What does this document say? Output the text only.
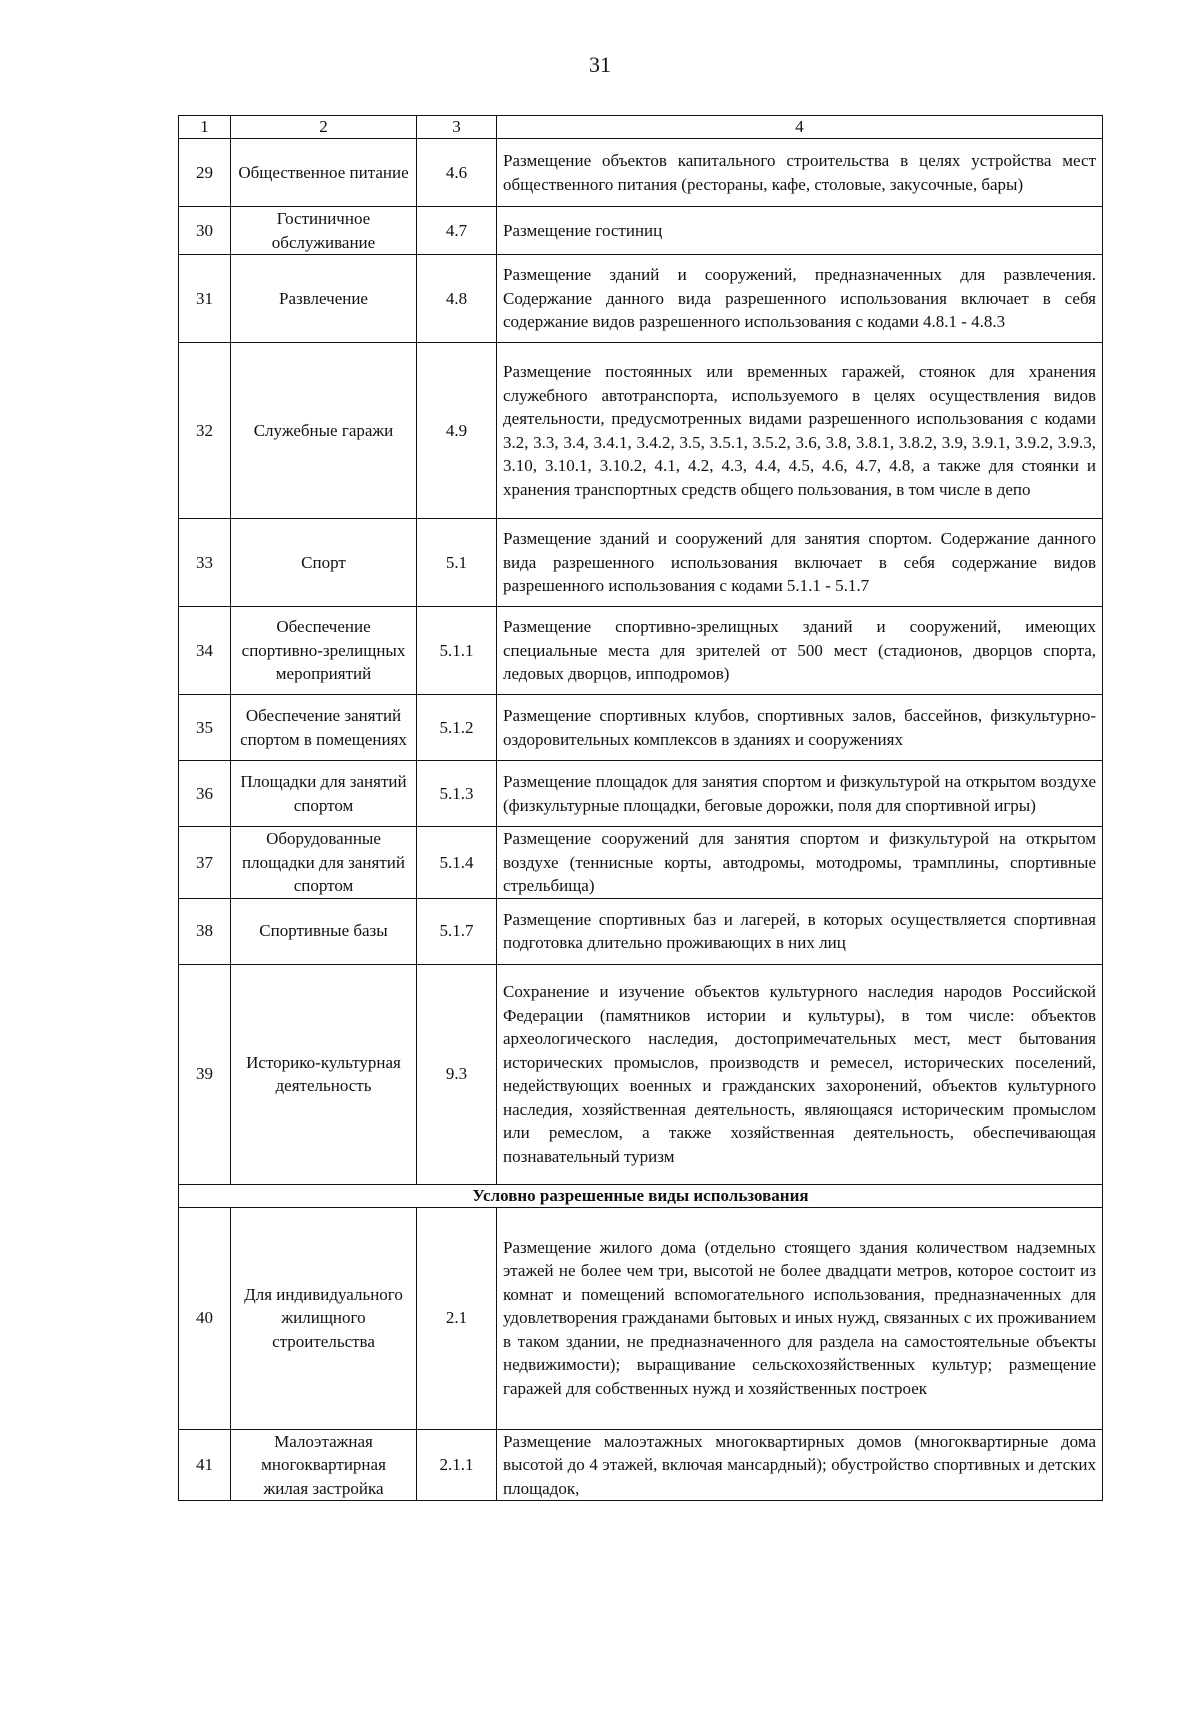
31
1	2	3	4
29	Общественное питание	4.6	Размещение объектов капитального строительства в целях устройства мест общественного питания (рестораны, кафе, столовые, закусочные, бары)
30	Гостиничное обслуживание	4.7	Размещение гостиниц
31	Развлечение	4.8	Размещение зданий и сооружений, предназначенных для развлечения. Содержание данного вида разрешенного использования включает в себя содержание видов разрешенного использования с кодами 4.8.1 - 4.8.3
32	Служебные гаражи	4.9	Размещение постоянных или временных гаражей, стоянок для хранения служебного автотранспорта, используемого в целях осуществления видов деятельности, предусмотренных видами разрешенного использования с кодами 3.2, 3.3, 3.4, 3.4.1, 3.4.2, 3.5, 3.5.1, 3.5.2, 3.6, 3.8, 3.8.1, 3.8.2, 3.9, 3.9.1, 3.9.2, 3.9.3, 3.10, 3.10.1, 3.10.2, 4.1, 4.2, 4.3, 4.4, 4.5, 4.6, 4.7, 4.8, а также для стоянки и хранения транспортных средств общего пользования, в том числе в депо
33	Спорт	5.1	Размещение зданий и сооружений для занятия спортом. Содержание данного вида разрешенного использования включает в себя содержание видов разрешенного использования с кодами 5.1.1 - 5.1.7
34	Обеспечение спортивно-зрелищных мероприятий	5.1.1	Размещение спортивно-зрелищных зданий и сооружений, имеющих специальные места для зрителей от 500 мест (стадионов, дворцов спорта, ледовых дворцов, ипподромов)
35	Обеспечение занятий спортом в помещениях	5.1.2	Размещение спортивных клубов, спортивных залов, бассейнов, физкультурно-оздоровительных комплексов в зданиях и сооружениях
36	Площадки для занятий спортом	5.1.3	Размещение площадок для занятия спортом и физкультурой на открытом воздухе (физкультурные площадки, беговые дорожки, поля для спортивной игры)
37	Оборудованные площадки для занятий спортом	5.1.4	Размещение сооружений для занятия спортом и физкультурой на открытом воздухе (теннисные корты, автодромы, мотодромы, трамплины, спортивные стрельбища)
38	Спортивные базы	5.1.7	Размещение спортивных баз и лагерей, в которых осуществляется спортивная подготовка длительно проживающих в них лиц
39	Историко-культурная деятельность	9.3	Сохранение и изучение объектов культурного наследия народов Российской Федерации (памятников истории и культуры), в том числе: объектов археологического наследия, достопримечательных мест, мест бытования исторических промыслов, производств и ремесел, исторических поселений, недействующих военных и гражданских захоронений, объектов культурного наследия, хозяйственная деятельность, являющаяся историческим промыслом или ремеслом, а также хозяйственная деятельность, обеспечивающая познавательный туризм
Условно разрешенные виды использования			
40	Для индивидуального жилищного строительства	2.1	Размещение жилого дома (отдельно стоящего здания количеством надземных этажей не более чем три, высотой не более двадцати метров, которое состоит из комнат и помещений вспомогательного использования, предназначенных для удовлетворения гражданами бытовых и иных нужд, связанных с их проживанием в таком здании, не предназначенного для раздела на самостоятельные объекты недвижимости); выращивание сельскохозяйственных культур; размещение гаражей для собственных нужд и хозяйственных построек
41	Малоэтажная многоквартирная жилая застройка	2.1.1	Размещение малоэтажных многоквартирных домов (многоквартирные дома высотой до 4 этажей, включая мансардный); обустройство спортивных и детских площадок,
